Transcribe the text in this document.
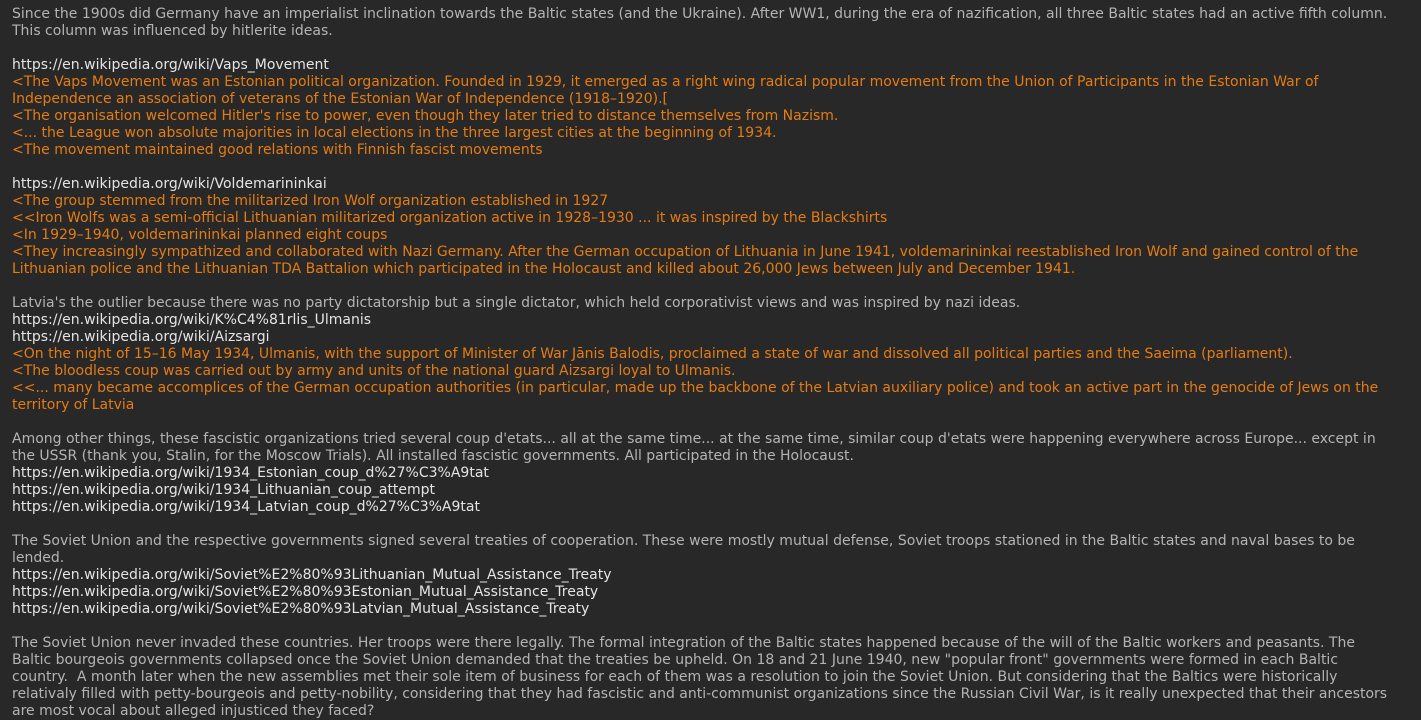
Since the 1900s did Germany have an imperialist inclination towards the Baltic states (and the Ukraine). After WW1, during the era of nazification, all three Baltic states had an active fifth column. This column was influenced by hitlerite ideas.
https://en.wikipedia.org/wiki/Vaps_Movement
<The Vaps Movement was an Estonian political organization. Founded in 1929, it emerged as a right wing radical popular movement from the Union of Participants in the Estonian War of Independence an association of veterans of the Estonian War of Independence (1918–1920).[
<The organisation welcomed Hitler's rise to power, even though they later tried to distance themselves from Nazism.
<... the League won absolute majorities in local elections in the three largest cities at the beginning of 1934.
<The movement maintained good relations with Finnish fascist movements
https://en.wikipedia.org/wiki/Voldemarininkai
<The group stemmed from the militarized Iron Wolf organization established in 1927
<<Iron Wolfs was a semi-official Lithuanian militarized organization active in 1928–1930 ... it was inspired by the Blackshirts
<In 1929–1940, voldemarininkai planned eight coups
<They increasingly sympathized and collaborated with Nazi Germany. After the German occupation of Lithuania in June 1941, voldemarininkai reestablished Iron Wolf and gained control of the Lithuanian police and the Lithuanian TDA Battalion which participated in the Holocaust and killed about 26,000 Jews between July and December 1941.
Latvia's the outlier because there was no party dictatorship but a single dictator, which held corporativist views and was inspired by nazi ideas.
https://en.wikipedia.org/wiki/K%C4%81rlis_Ulmanis
https://en.wikipedia.org/wiki/Aizsargi
<On the night of 15–16 May 1934, Ulmanis, with the support of Minister of War Jānis Balodis, proclaimed a state of war and dissolved all political parties and the Saeima (parliament).
<The bloodless coup was carried out by army and units of the national guard Aizsargi loyal to Ulmanis.
<<... many became accomplices of the German occupation authorities (in particular, made up the backbone of the Latvian auxiliary police) and took an active part in the genocide of Jews on the territory of Latvia
Among other things, these fascistic organizations tried several coup d'etats... all at the same time... at the same time, similar coup d'etats were happening everywhere across Europe... except in the USSR (thank you, Stalin, for the Moscow Trials). All installed fascistic governments. All participated in the Holocaust.
https://en.wikipedia.org/wiki/1934_Estonian_coup_d%27%C3%A9tat
https://en.wikipedia.org/wiki/1934_Lithuanian_coup_attempt
https://en.wikipedia.org/wiki/1934_Latvian_coup_d%27%C3%A9tat
The Soviet Union and the respective governments signed several treaties of cooperation. These were mostly mutual defense, Soviet troops stationed in the Baltic states and naval bases to be lended.
https://en.wikipedia.org/wiki/Soviet%E2%80%93Lithuanian_Mutual_Assistance_Treaty
https://en.wikipedia.org/wiki/Soviet%E2%80%93Estonian_Mutual_Assistance_Treaty
https://en.wikipedia.org/wiki/Soviet%E2%80%93Latvian_Mutual_Assistance_Treaty
The Soviet Union never invaded these countries. Her troops were there legally. The formal integration of the Baltic states happened because of the will of the Baltic workers and peasants. The Baltic bourgeois governments collapsed once the Soviet Union demanded that the treaties be upheld. On 18 and 21 June 1940, new "popular front" governments were formed in each Baltic country.  A month later when the new assemblies met their sole item of business for each of them was a resolution to join the Soviet Union. But considering that the Baltics were historically relativaly filled with petty-bourgeois and petty-nobility, considering that they had fascistic and anti-communist organizations since the Russian Civil War, is it really unexpected that their ancestors are most vocal about alleged injusticed they faced?
